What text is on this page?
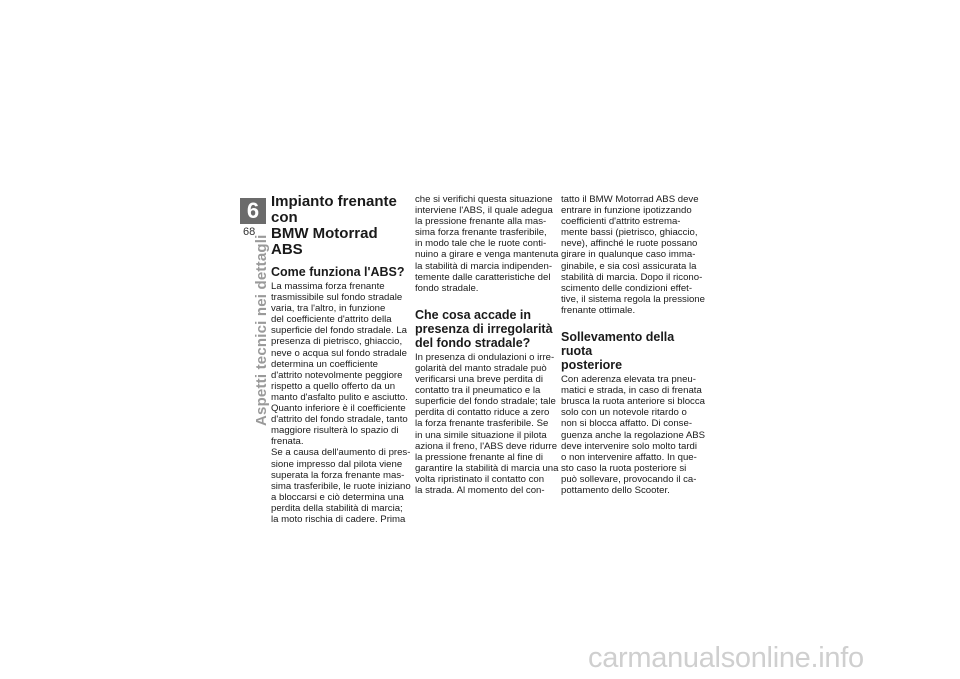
6
68
Aspetti tecnici nei dettagli
Impianto frenante con
BMW Motorrad ABS
Come funziona l'ABS?
La massima forza frenante
trasmissibile sul fondo stradale
varia, tra l'altro, in funzione
del coefficiente d'attrito della
superficie del fondo stradale. La
presenza di pietrisco, ghiaccio,
neve o acqua sul fondo stradale
determina un coefficiente
d'attrito notevolmente peggiore
rispetto a quello offerto da un
manto d'asfalto pulito e asciutto.
Quanto inferiore è il coefficiente
d'attrito del fondo stradale, tanto
maggiore risulterà lo spazio di
frenata.
Se a causa dell'aumento di pres-
sione impresso dal pilota viene
superata la forza frenante mas-
sima trasferibile, le ruote iniziano
a bloccarsi e ciò determina una
perdita della stabilità di marcia;
la moto rischia di cadere. Prima
che si verifichi questa situazione
interviene l'ABS, il quale adegua
la pressione frenante alla mas-
sima forza frenante trasferibile,
in modo tale che le ruote conti-
nuino a girare e venga mantenuta
la stabilità di marcia indipenden-
temente dalle caratteristiche del
fondo stradale.
Che cosa accade in
presenza di irregolarità
del fondo stradale?
In presenza di ondulazioni o irre-
golarità del manto stradale può
verificarsi una breve perdita di
contatto tra il pneumatico e la
superficie del fondo stradale; tale
perdita di contatto riduce a zero
la forza frenante trasferibile. Se
in una simile situazione il pilota
aziona il freno, l'ABS deve ridurre
la pressione frenante al fine di
garantire la stabilità di marcia una
volta ripristinato il contatto con
la strada. Al momento del con-
tatto il BMW Motorrad ABS deve
entrare in funzione ipotizzando
coefficienti d'attrito estrema-
mente bassi (pietrisco, ghiaccio,
neve), affinché le ruote possano
girare in qualunque caso imma-
ginabile, e sia così assicurata la
stabilità di marcia. Dopo il ricono-
scimento delle condizioni effet-
tive, il sistema regola la pressione
frenante ottimale.
Sollevamento della ruota
posteriore
Con aderenza elevata tra pneu-
matici e strada, in caso di frenata
brusca la ruota anteriore si blocca
solo con un notevole ritardo o
non si blocca affatto. Di conse-
guenza anche la regolazione ABS
deve intervenire solo molto tardi
o non intervenire affatto. In que-
sto caso la ruota posteriore si
può sollevare, provocando il ca-
pottamento dello Scooter.
carmanualsonline.info
